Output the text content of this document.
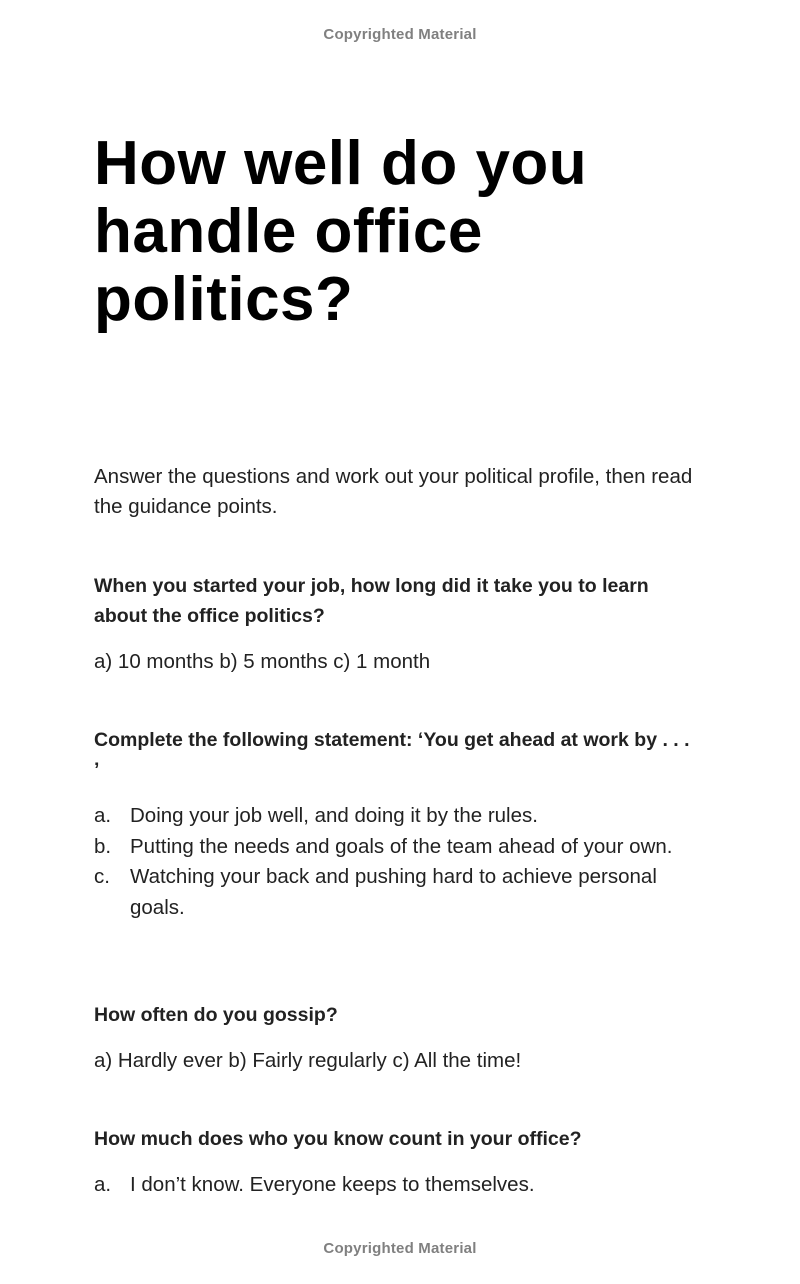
Copyrighted Material
How well do you handle office politics?

Answer the questions and work out your political profile, then read the guidance points.

When you started your job, how long did it take you to learn about the office politics?

a) 10 months b) 5 months c) 1 month

Complete the following statement: ‘You get ahead at work by . . . ’

a. Doing your job well, and doing it by the rules.
b. Putting the needs and goals of the team ahead of your own.
c. Watching your back and pushing hard to achieve personal goals.

How often do you gossip?

a) Hardly ever b) Fairly regularly c) All the time!

How much does who you know count in your office?

a. I don’t know. Everyone keeps to themselves.
Copyrighted Material
